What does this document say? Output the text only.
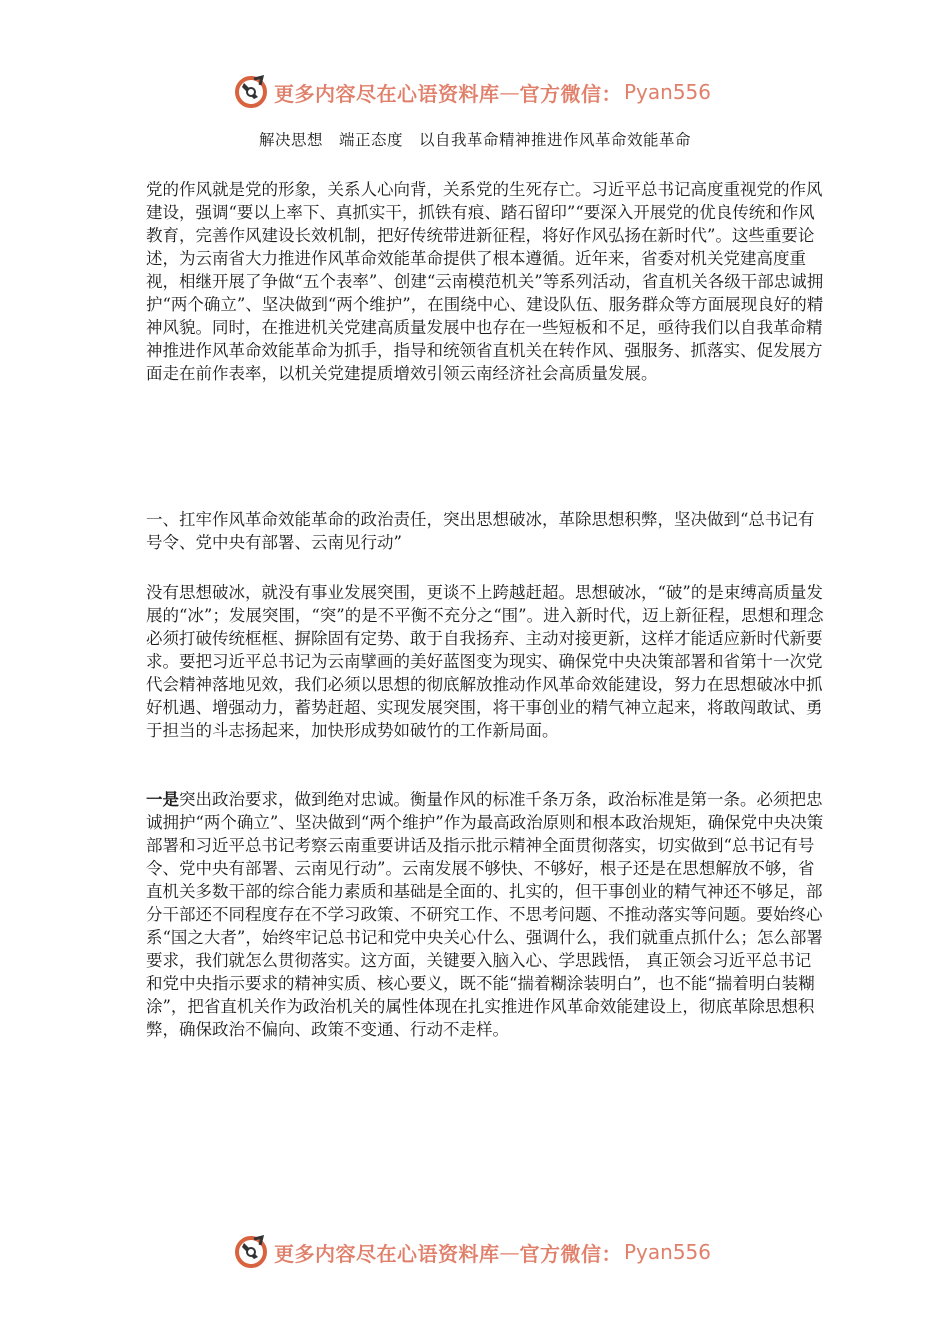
更多内容尽在心语资料库 — 官方微信： Pyan556
解决思想　端正态度　以自我革命精神推进作风革命效能革命

党的作风就是党的形象，关系人心向背，关系党的生死存亡。习近平总书记高度重视党的作风建设，强调“要以上率下、真抓实干，抓铁有痕、踏石留印”“要深入开展党的优良传统和作风教育，完善作风建设长效机制，把好传统带进新征程，将好作风弘扬在新时代”。这些重要论述，为云南省大力推进作风革命效能革命提供了根本遵循。近年来，省委对机关党建高度重视，相继开展了争做“五个表率”、创建“云南模范机关”等系列活动，省直机关各级干部忠诚拥护“两个确立”、坚决做到“两个维护”，在围绕中心、建设队伍、服务群众等方面展现良好的精神风貌。同时，在推进机关党建高质量发展中也存在一些短板和不足，亟待我们以自我革命精神推进作风革命效能革命为抓手，指导和统领省直机关在转作风、强服务、抓落实、促发展方面走在前作表率，以机关党建提质增效引领云南经济社会高质量发展。

一、扛牢作风革命效能革命的政治责任，突出思想破冰，革除思想积弊，坚决做到“总书记有号令、党中央有部署、云南见行动”

没有思想破冰，就没有事业发展突围，更谈不上跨越赶超。思想破冰，“破”的是束缚高质量发展的“冰”；发展突围，“突”的是不平衡不充分之“围”。进入新时代，迈上新征程，思想和理念必须打破传统框框、摒除固有定势、敢于自我扬弃、主动对接更新，这样才能适应新时代新要求。要把习近平总书记为云南擘画的美好蓝图变为现实、确保党中央决策部署和省第十一次党代会精神落地见效，我们必须以思想的彻底解放推动作风革命效能建设，努力在思想破冰中抓好机遇、增强动力，蓄势赶超、实现发展突围，将干事创业的精气神立起来，将敢闯敢试、勇于担当的斗志扬起来，加快形成势如破竹的工作新局面。

一是突出政治要求，做到绝对忠诚。衡量作风的标准千条万条，政治标准是第一条。必须把忠诚拥护“两个确立”、坚决做到“两个维护”作为最高政治原则和根本政治规矩，确保党中央决策部署和习近平总书记考察云南重要讲话及指示批示精神全面贯彻落实，切实做到“总书记有号令、党中央有部署、云南见行动”。云南发展不够快、不够好，根子还是在思想解放不够，省直机关多数干部的综合能力素质和基础是全面的、扎实的，但干事创业的精气神还不够足，部分干部还不同程度存在不学习政策、不研究工作、不思考问题、不推动落实等问题。要始终心系“国之大者”，始终牢记总书记和党中央关心什么、强调什么，我们就重点抓什么；怎么部署要求，我们就怎么贯彻落实。这方面，关键要入脑入心、学思践悟， 真正领会习近平总书记和党中央指示要求的精神实质、核心要义，既不能“揣着糊涂装明白”，也不能“揣着明白装糊涂”，把省直机关作为政治机关的属性体现在扎实推进作风革命效能建设上，彻底革除思想积弊，确保政治不偏向、政策不变通、行动不走样。

更多内容尽在心语资料库 — 官方微信： Pyan556
